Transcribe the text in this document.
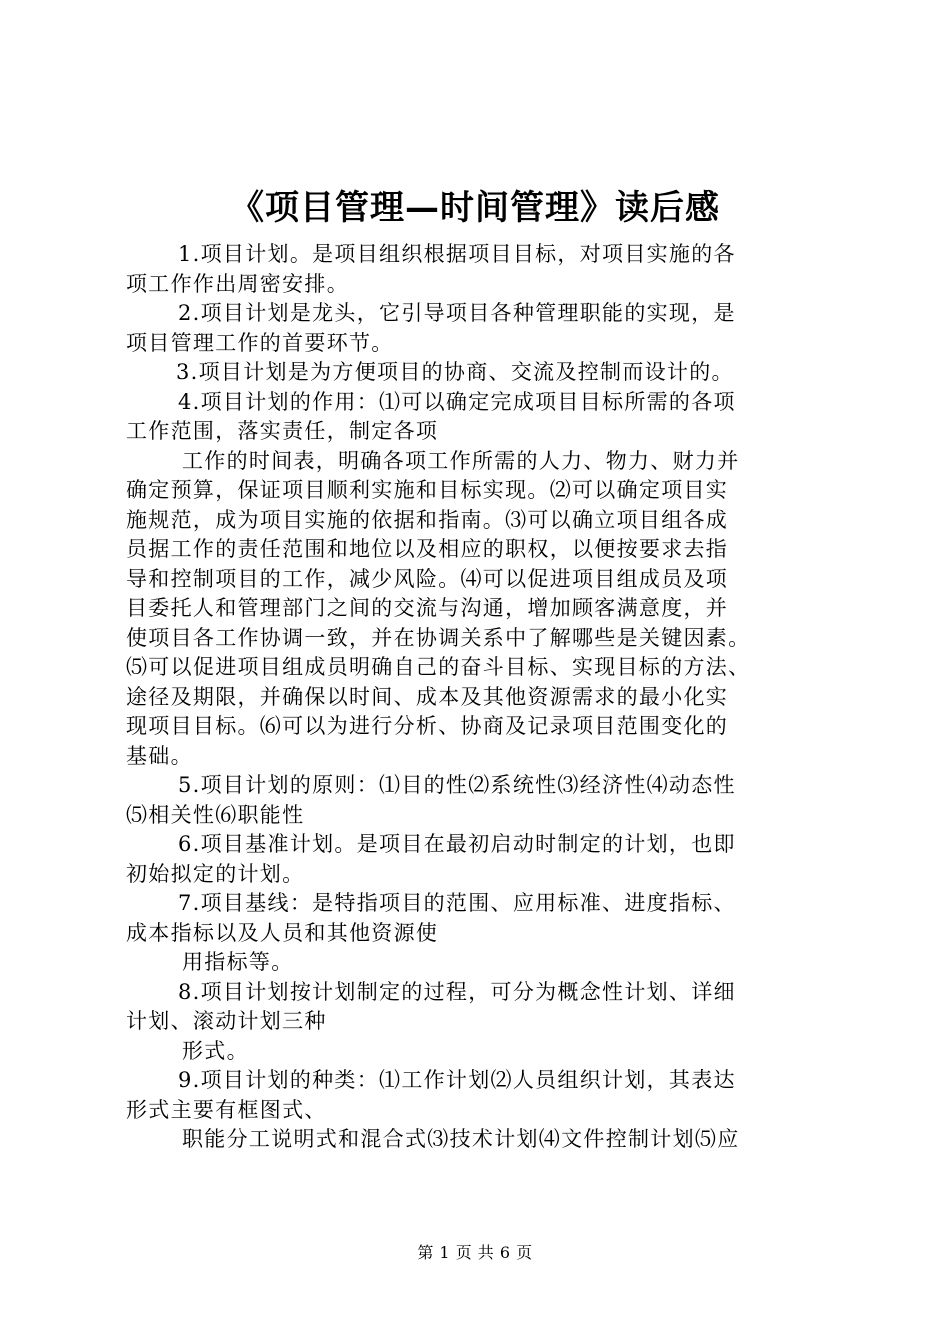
《项目管理—时间管理》读后感
1.项目计划。是项目组织根据项目目标，对项目实施的各
项工作作出周密安排。
2.项目计划是龙头，它引导项目各种管理职能的实现，是
项目管理工作的首要环节。
3.项目计划是为方便项目的协商、交流及控制而设计的。
4.项目计划的作用：⑴可以确定完成项目目标所需的各项
工作范围，落实责任，制定各项
工作的时间表，明确各项工作所需的人力、物力、财力并
确定预算，保证项目顺利实施和目标实现。⑵可以确定项目实
施规范，成为项目实施的依据和指南。⑶可以确立项目组各成
员据工作的责任范围和地位以及相应的职权，以便按要求去指
导和控制项目的工作，减少风险。⑷可以促进项目组成员及项
目委托人和管理部门之间的交流与沟通，增加顾客满意度，并
使项目各工作协调一致，并在协调关系中了解哪些是关键因素。
⑸可以促进项目组成员明确自己的奋斗目标、实现目标的方法、
途径及期限，并确保以时间、成本及其他资源需求的最小化实
现项目目标。⑹可以为进行分析、协商及记录项目范围变化的
基础。
5.项目计划的原则：⑴目的性⑵系统性⑶经济性⑷动态性
⑸相关性⑹职能性
6.项目基准计划。是项目在最初启动时制定的计划，也即
初始拟定的计划。
7.项目基线：是特指项目的范围、应用标准、进度指标、
成本指标以及人员和其他资源使
用指标等。
8.项目计划按计划制定的过程，可分为概念性计划、详细
计划、滚动计划三种
形式。
9.项目计划的种类：⑴工作计划⑵人员组织计划，其表达
形式主要有框图式、
职能分工说明式和混合式⑶技术计划⑷文件控制计划⑸应
第 1 页 共 6 页
